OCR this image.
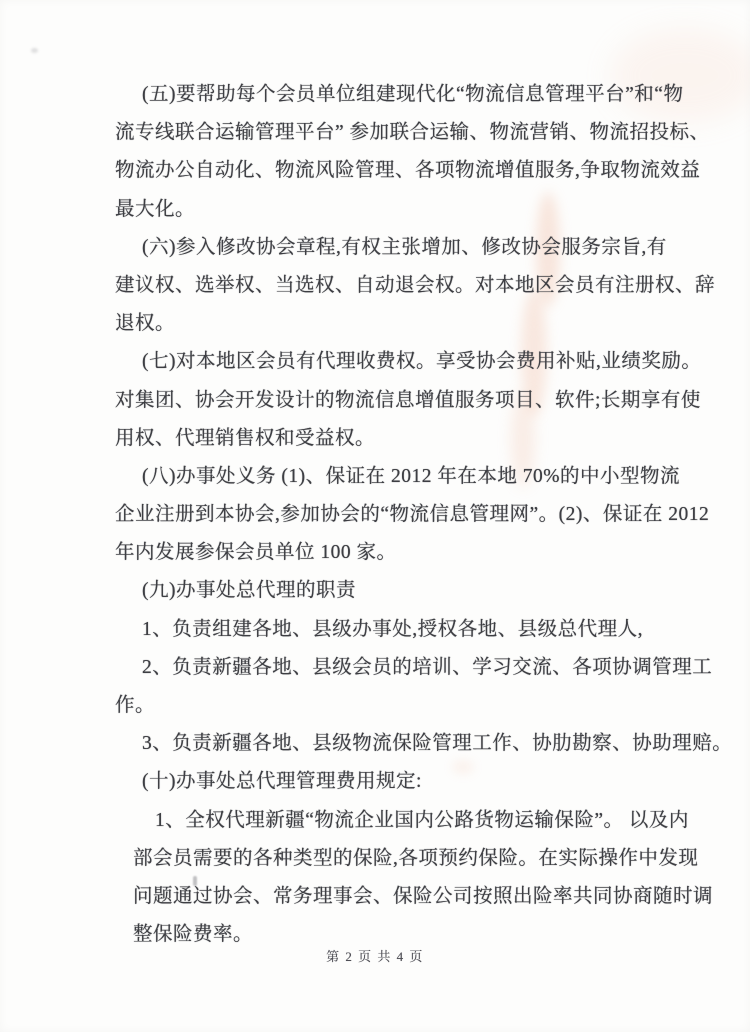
(五)要帮助每个会员单位组建现代化“物流信息管理平台”和“物
流专线联合运输管理平台” 参加联合运输、物流营销、物流招投标、
物流办公自动化、物流风险管理、各项物流增值服务,争取物流效益
最大化。
(六)参入修改协会章程,有权主张增加、修改协会服务宗旨,有
建议权、选举权、当选权、自动退会权。对本地区会员有注册权、辞
退权。
(七)对本地区会员有代理收费权。享受协会费用补贴,业绩奖励。
对集团、协会开发设计的物流信息增值服务项目、软件;长期享有使
用权、代理销售权和受益权。
(八)办事处义务 (1)、保证在 2012 年在本地 70%的中小型物流
企业注册到本协会,参加协会的“物流信息管理网”。(2)、保证在 2012
年内发展参保会员单位 100 家。
(九)办事处总代理的职责
1、负责组建各地、县级办事处,授权各地、县级总代理人,
2、负责新疆各地、县级会员的培训、学习交流、各项协调管理工
作。
3、负责新疆各地、县级物流保险管理工作、协肋勘察、协助理赔。
(十)办事处总代理管理费用规定:
1、全权代理新疆“物流企业国内公路货物运输保险”。 以及内
部会员需要的各种类型的保险,各项预约保险。在实际操作中发现
问题通过协会、常务理事会、保险公司按照出险率共同协商随时调
整保险费率。
第 2 页 共 4 页
